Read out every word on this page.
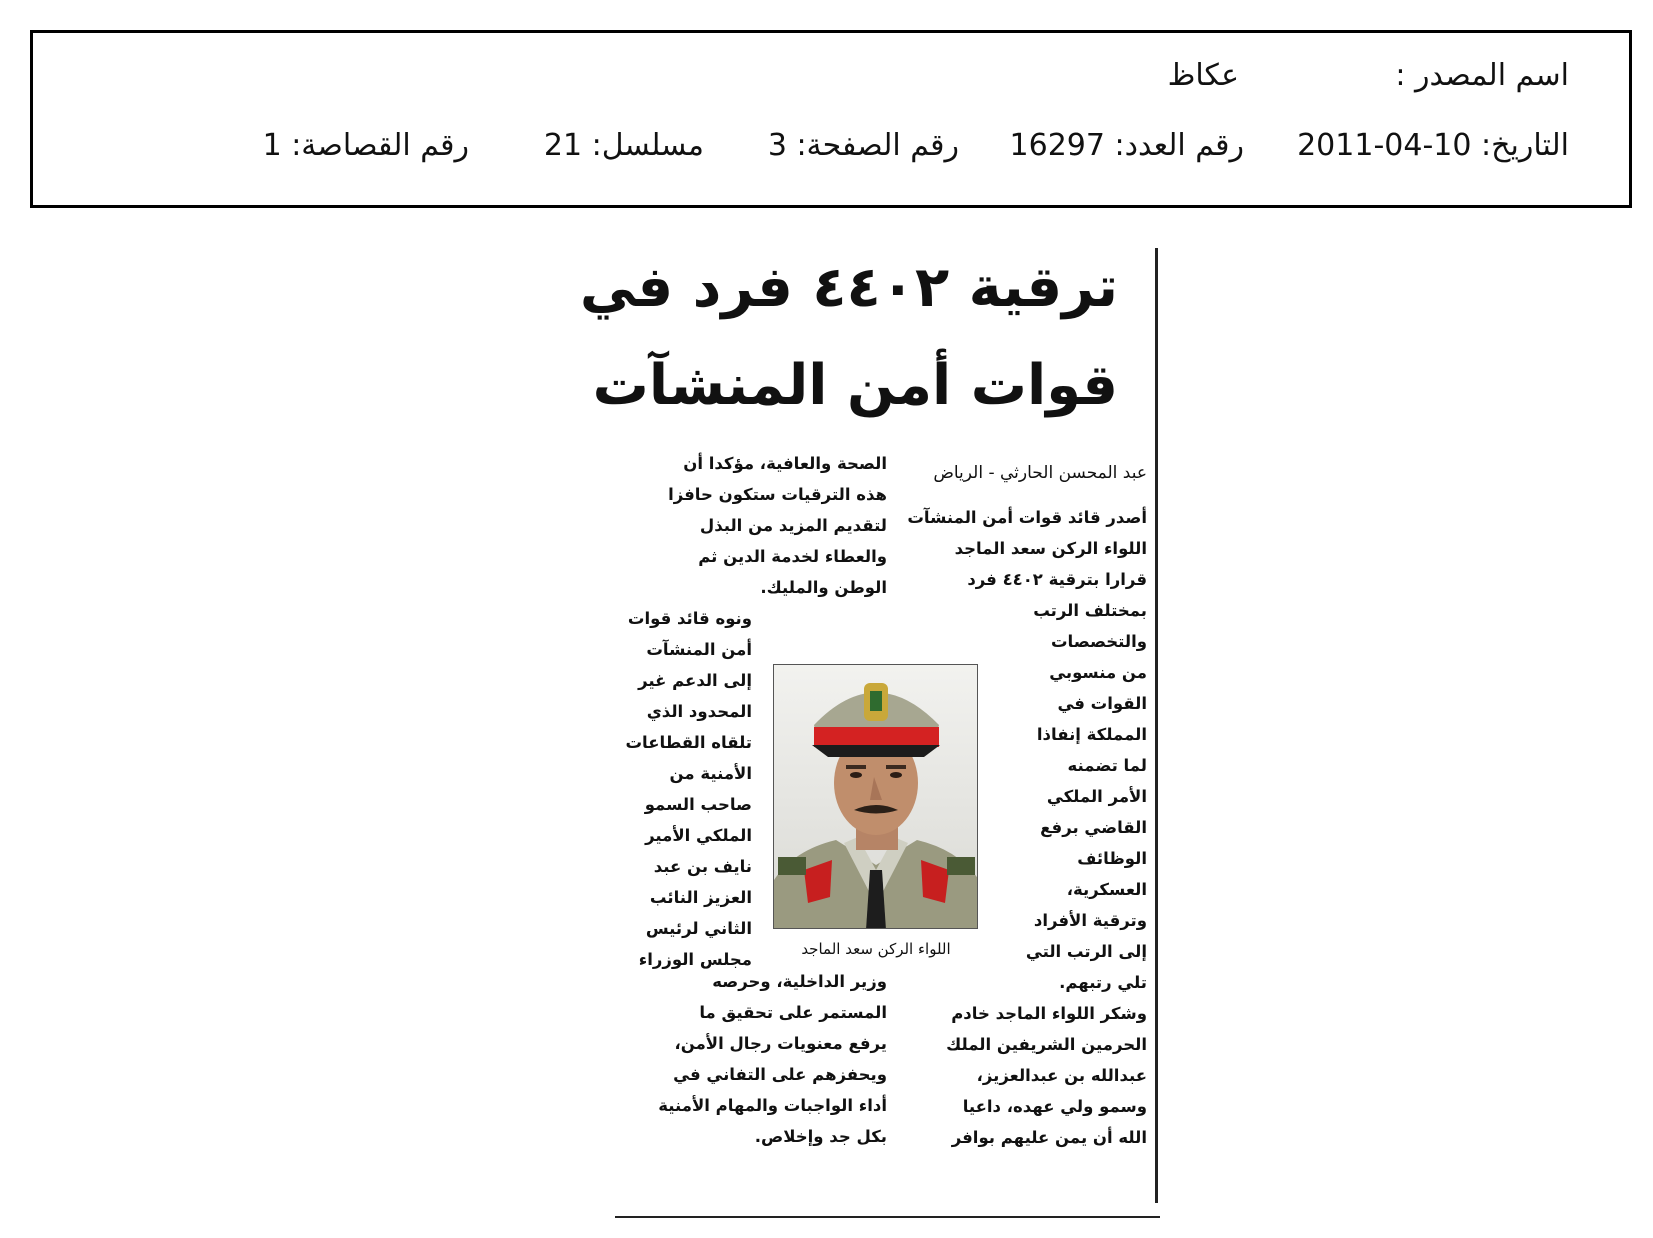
اسم المصدر :
عكاظ
التاريخ: 10-04-2011
رقم العدد: 16297
رقم الصفحة: 3
مسلسل: 21
رقم القصاصة: 1
ترقية ٤٤٠٢ فرد في
قوات أمن المنشآت
عبد المحسن الحارثي - الرياض
أصدر قائد قوات أمن المنشآت
اللواء الركن سعد الماجد
قرارا بترقية ٤٤٠٢ فرد
بمختلف الرتب
والتخصصات
من منسوبي
القوات في
المملكة إنفاذا
لما تضمنه
الأمر الملكي
القاضي برفع
الوظائف
العسكرية،
وترقية الأفراد
إلى الرتب التي
تلي رتبهم.
وشكر اللواء الماجد خادم
الحرمين الشريفين الملك
عبدالله بن عبدالعزيز،
وسمو ولي عهده، داعيا
الله أن يمن عليهم بوافر
الصحة والعافية، مؤكدا أن
هذه الترقيات ستكون حافزا
لتقديم المزيد من البذل
والعطاء لخدمة الدين ثم
الوطن والمليك.
ونوه قائد قوات
أمن المنشآت
إلى الدعم غير
المحدود الذي
تلقاه القطاعات
الأمنية من
صاحب السمو
الملكي الأمير
نايف بن عبد
العزيز النائب
الثاني لرئيس
مجلس الوزراء
وزير الداخلية، وحرصه
المستمر على تحقيق ما
يرفع معنويات رجال الأمن،
ويحفزهم على التفاني في
أداء الواجبات والمهام الأمنية
بكل جد وإخلاص.
اللواء الركن سعد الماجد
